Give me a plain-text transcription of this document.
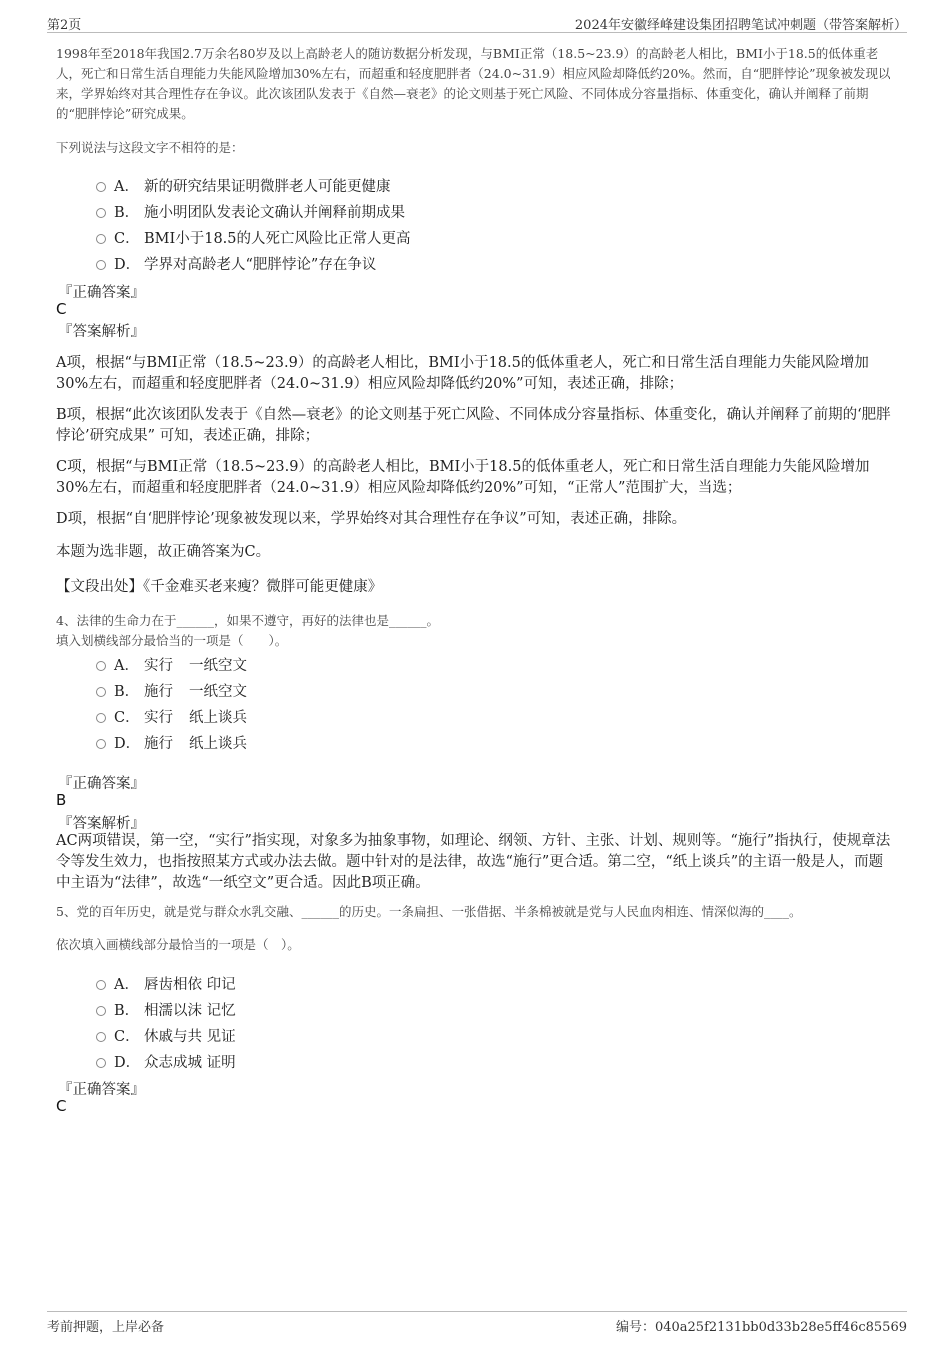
第2页	2024年安徽绎峰建设集团招聘笔试冲刺题（带答案解析）
1998年至2018年我国2.7万余名80岁及以上高龄老人的随访数据分析发现，与BMI正常（18.5~23.9）的高龄老人相比，BMI小于18.5的低体重老人，死亡和日常生活自理能力失能风险增加30%左右，而超重和轻度肥胖者（24.0~31.9）相应风险却降低约20%。然而，自“肥胖悖论”现象被发现以来，学界始终对其合理性存在争议。此次该团队发表于《自然—衰老》的论文则基于死亡风险、不同体成分容量指标、体重变化，确认并阐释了前期的“肥胖悖论”研究成果。
下列说法与这段文字不相符的是：
A． 新的研究结果证明微胖老人可能更健康
B． 施小明团队发表论文确认并阐释前期成果
C． BMI小于18.5的人死亡风险比正常人更高
D． 学界对高龄老人“肥胖悖论”存在争议
『正确答案』
C
『答案解析』
A项，根据“与BMI正常（18.5~23.9）的高龄老人相比，BMI小于18.5的低体重老人，死亡和日常生活自理能力失能风险增加30%左右，而超重和轻度肥胖者（24.0~31.9）相应风险却降低约20%”可知，表述正确，排除；
B项，根据“此次该团队发表于《自然—衰老》的论文则基于死亡风险、不同体成分容量指标、体重变化，确认并阐释了前期的‘肥胖悖论’研究成果” 可知，表述正确，排除；
C项，根据“与BMI正常（18.5~23.9）的高龄老人相比，BMI小于18.5的低体重老人，死亡和日常生活自理能力失能风险增加30%左右，而超重和轻度肥胖者（24.0~31.9）相应风险却降低约20%”可知，“正常人”范围扩大，当选；
D项，根据“自‘肥胖悖论’现象被发现以来，学界始终对其合理性存在争议”可知，表述正确，排除。
本题为选非题，故正确答案为C。
【文段出处】《千金难买老来瘦？微胖可能更健康》
4、法律的生命力在于______，如果不遵守，再好的法律也是______。
填入划横线部分最恰当的一项是（　　）。
A． 实行 一纸空文
B． 施行 一纸空文
C． 实行 纸上谈兵
D． 施行 纸上谈兵
『正确答案』
B
『答案解析』
AC两项错误，第一空，“实行”指实现，对象多为抽象事物，如理论、纲领、方针、主张、计划、规则等。“施行”指执行，使规章法令等发生效力，也指按照某方式或办法去做。题中针对的是法律，故选“施行”更合适。第二空，“纸上谈兵”的主语一般是人，而题中主语为“法律”，故选“一纸空文”更合适。因此B项正确。
5、党的百年历史，就是党与群众水乳交融、______的历史。一条扁担、一张借据、半条棉被就是党与人民血肉相连、情深似海的____。
依次填入画横线部分最恰当的一项是（　）。
A． 唇齿相依 印记
B． 相濡以沫 记忆
C． 休戚与共 见证
D． 众志成城 证明
『正确答案』
C
考前押题，上岸必备	编号：040a25f2131bb0d33b28e5ff46c85569
